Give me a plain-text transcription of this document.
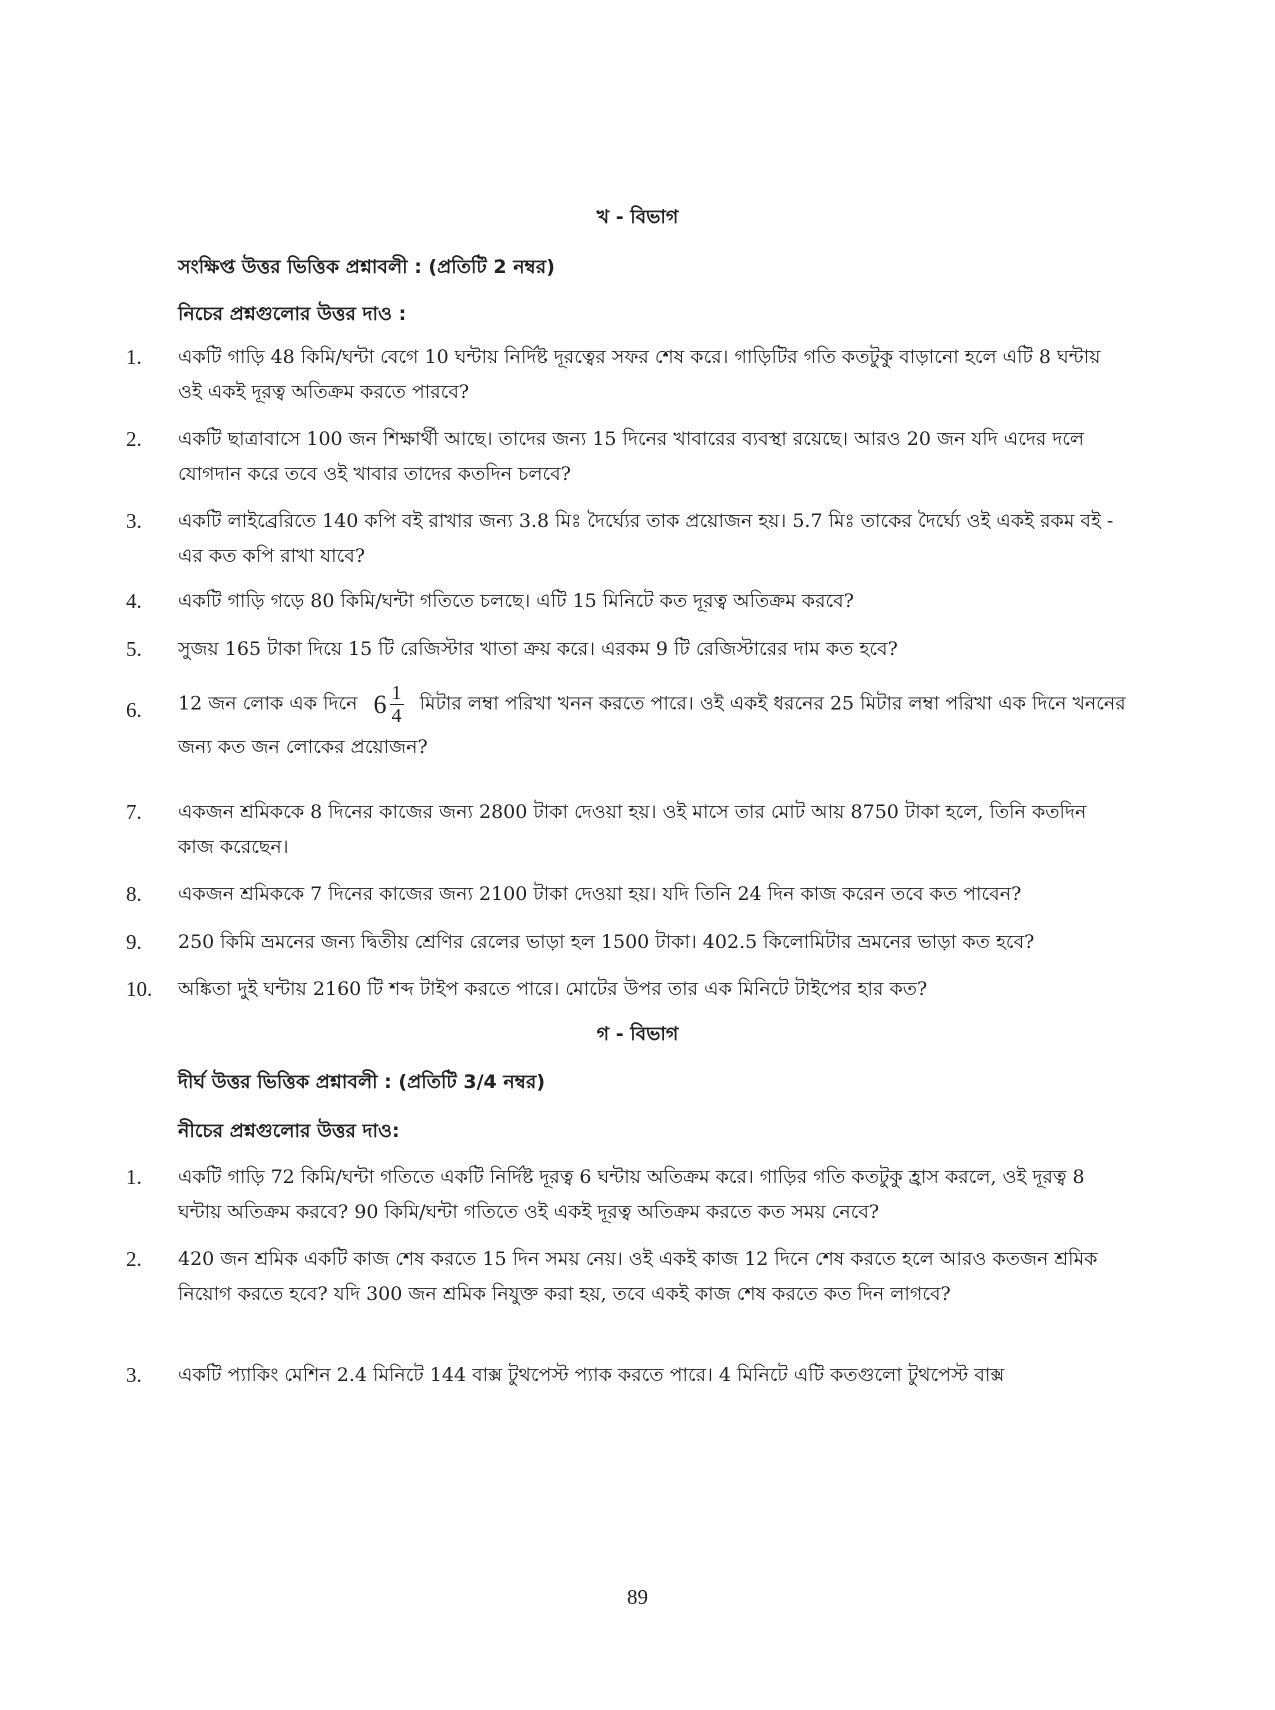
খ - বিভাগ
সংক্ষিপ্ত উত্তর ভিত্তিক প্রশ্নাবলী : (প্রতিটি 2 নম্বর)
নিচের প্রশ্নগুলোর উত্তর দাও :
1.	একটি গাড়ি 48 কিমি/ঘন্টা বেগে 10 ঘন্টায় নির্দিষ্ট দূরত্বের সফর শেষ করে। গাড়িটির গতি কতটুকু বাড়ানো হলে এটি 8 ঘন্টায় ওই একই দূরত্ব অতিক্রম করতে পারবে?
2.	একটি ছাত্রাবাসে 100 জন শিক্ষার্থী আছে। তাদের জন্য 15 দিনের খাবারের ব্যবস্থা রয়েছে। আরও 20 জন যদি এদের দলে যোগদান করে তবে ওই খাবার তাদের কতদিন চলবে?
3.	একটি লাইব্রেরিতে 140 কপি বই রাখার জন্য 3.8 মিঃ দৈর্ঘ্যের তাক প্রয়োজন হয়। 5.7 মিঃ তাকের দৈর্ঘ্যে ওই একই রকম বই - এর কত কপি রাখা যাবে?
4.	একটি গাড়ি গড়ে 80 কিমি/ঘন্টা গতিতে চলছে। এটি 15 মিনিটে কত দূরত্ব অতিক্রম করবে?
5.	সুজয় 165 টাকা দিয়ে 15 টি রেজিস্টার খাতা ক্রয় করে। এরকম 9 টি রেজিস্টারের দাম কত হবে?
6.	12 জন লোক এক দিনে $6 \frac{1}{4}$ মিটার লম্বা পরিখা খনন করতে পারে। ওই একই ধরনের 25 মিটার লম্বা পরিখা এক দিনে খননের জন্য কত জন লোকের প্রয়োজন?
7.	একজন শ্রমিককে 8 দিনের কাজের জন্য 2800 টাকা দেওয়া হয়। ওই মাসে তার মোট আয় 8750 টাকা হলে, তিনি কতদিন কাজ করেছেন।
8.	একজন শ্রমিককে 7 দিনের কাজের জন্য 2100 টাকা দেওয়া হয়। যদি তিনি 24 দিন কাজ করেন তবে কত পাবেন?
9.	250 কিমি ভ্রমনের জন্য দ্বিতীয় শ্রেণির রেলের ভাড়া হল 1500 টাকা। 402.5 কিলোমিটার ভ্রমনের ভাড়া কত হবে?
10.	অঙ্কিতা দুই ঘন্টায় 2160 টি শব্দ টাইপ করতে পারে। মোটের উপর তার এক মিনিটে টাইপের হার কত?
গ - বিভাগ
দীর্ঘ উত্তর ভিত্তিক প্রশ্নাবলী : (প্রতিটি 3/4 নম্বর)
নীচের প্রশ্নগুলোর উত্তর দাও:
1.	একটি গাড়ি 72 কিমি/ঘন্টা গতিতে একটি নির্দিষ্ট দূরত্ব 6 ঘন্টায় অতিক্রম করে। গাড়ির গতি কতটুকু হ্রাস করলে, ওই দূরত্ব 8 ঘন্টায় অতিক্রম করবে? 90 কিমি/ঘন্টা গতিতে ওই একই দূরত্ব অতিক্রম করতে কত সময় নেবে?
2.	420 জন শ্রমিক একটি কাজ শেষ করতে 15 দিন সময় নেয়। ওই একই কাজ 12 দিনে শেষ করতে হলে আরও কতজন শ্রমিক নিয়োগ করতে হবে? যদি 300 জন শ্রমিক নিযুক্ত করা হয়, তবে একই কাজ শেষ করতে কত দিন লাগবে?
3.	একটি প্যাকিং মেশিন 2.4 মিনিটে 144 বাক্স টুথপেস্ট প্যাক করতে পারে। 4 মিনিটে এটি কতগুলো টুথপেস্ট বাক্স
89
